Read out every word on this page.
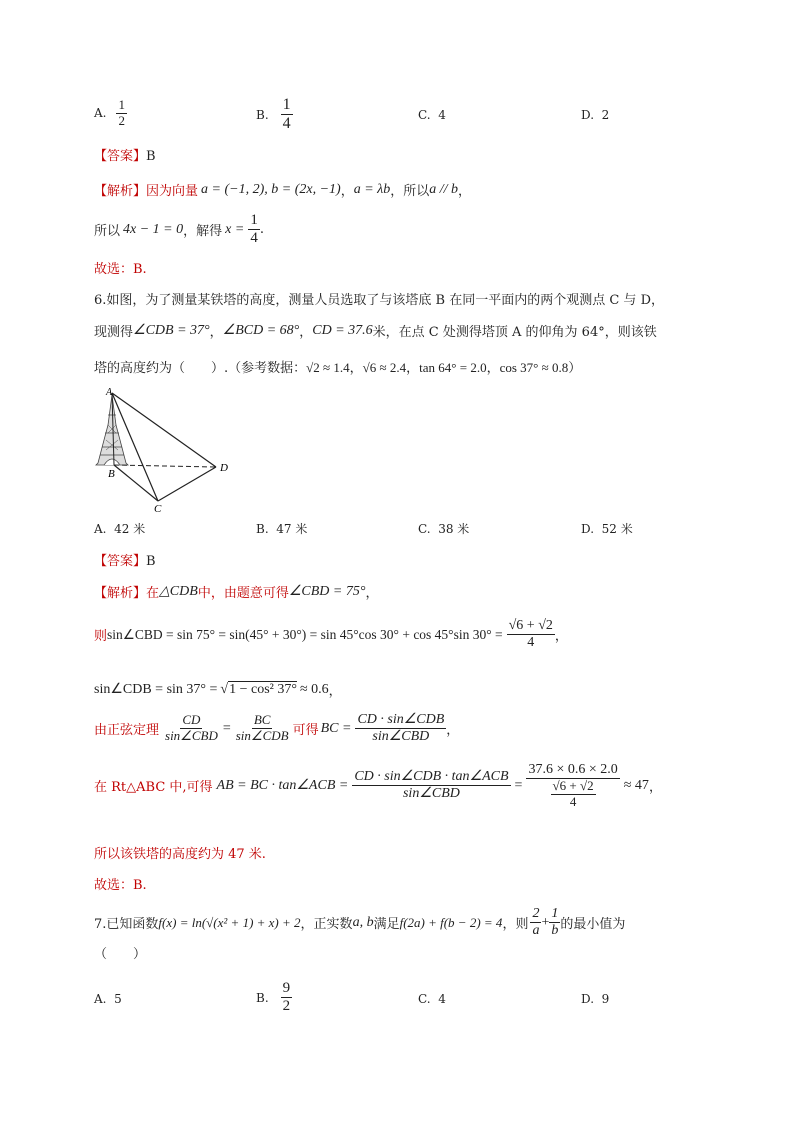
A. $\frac{1}{2}$	B. $\frac{1}{4}$	C. 4	D. 2
【答案】B
【解析】 因为向量 a = (−1, 2), b = (2x, −1) ， a = λb ，所以 a // b ，
所以 4x − 1 = 0 ，解得 $x = \frac{1}{4}$ .
故选：B.
6.如图，为了测量某铁塔的高度，测量人员选取了与该塔底 B 在同一平面内的两个观测点 C 与 D，
现测得 ∠CDB = 37° ， ∠BCD = 68° ， CD = 37.6 米，在点 C 处测得塔顶 A 的仰角为 64°，则该铁
塔的高度约为（　　）.（参考数据： √2 ≈ 1.4，√6 ≈ 2.4，tan 64° = 2.0，cos 37° ≈ 0.8 ）
A
B
C
D
A. 42 米	B. 47 米	C. 38 米	D. 52 米
【答案】B
【解析】 在 △CDB 中，由题意可得 ∠CBD = 75° ，
则 sin∠CBD = sin 75° = sin(45° + 30°) = sin 45°cos 30° + cos 45°sin $30^\circ = \frac{√6 + √2}{4}$ ，
sin∠CDB = sin 37° = √ 1 − cos² 37° ≈ 0.6 ，
由正弦定理 $\frac{CD}{\text{sin∠CBD}} = \frac{BC}{\text{sin∠CDB}}$ 可得 BC = $\frac{\text{CD · sin∠CDB}}{\text{sin∠CBD}}$ ，
在 Rt△ABC 中,可得 AB = BC · tan∠ACB = $\frac{\text{CD · sin∠CDB · tan∠ACB}}{\text{sin∠CBD}} = \frac{37.6 \times 0.6 \times 2.0}{\frac{√6 + √2}{4}} \approx 47$ ，
所以该铁塔的高度约为 47 米.
故选：B.
7.已知函数 f(x) = ln(√(x² + 1) + x) + 2 ，正实数 a, b 满足 f(2a) + f(b − 2) = 4 ，则 $\frac{2}{a} + \frac{1}{b}$ 的最小值为
（　　）
A. 5	B. $\frac{9}{2}$	C. 4	D. 9
